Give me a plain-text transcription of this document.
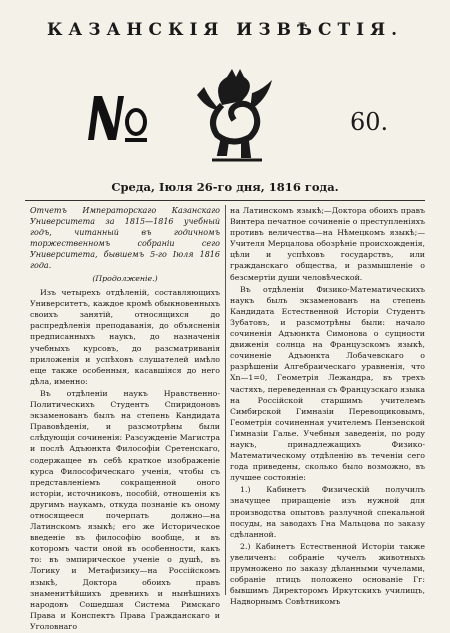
КАЗАНСКІЯ ИЗВѢСТІЯ.
60.
Среда, Іюля 26-го дня, 1816 года.
Отчетъ Императорскаго Казанскаго Университета за 1815—1816 учебный годъ, читанный въ годичномъ торжественномъ собраніи сего Университета, бывшемъ 5-го Іюля 1816 года.
(Продолженіе.)

Изъ четырехъ отдѣленій, составляющихъ Университетъ, каждое кромѣ обыкновенныхъ своихъ занятій, относящихся до распредѣленія преподаванія, до объясненія предписанныхъ наукъ, до назначенія учебныхъ курсовъ, до разсматриванія приложенія и успѣховъ слушателей имѣло еще также особенныя, касавшіяся до него дѣла, именно:

Въ отдѣленіи наукъ Нравственно-Политическихъ Студентъ Спиридоновъ экзаменованъ былъ на степень Кандидата Правовѣденія, и разсмотрѣны были слѣдующія сочиненія: Разсужденіе Магистра и послѣ Адъюнкта Философіи Сретенскаго, содержащее въ себѣ краткое изображеніе курса Философическаго ученія, чтобы съ представленіемъ сокращенной оного исторіи, источниковъ, пособій, отношенія къ другимъ наукамъ, откуда познаніе къ оному относящееся почерпать должно—на Латинскомъ языкѣ; его же Историческое введеніе въ философію вообще, и въ которомъ части оной въ особенности, какъ то: въ эмпирическое ученіе о душѣ, въ Логику и Метафизику—на Россійскомъ языкѣ, Доктора обоихъ правъ знаменитѣйшихъ древнихъ и нынѣшнихъ народовъ Сошедшая Система Римскаго Права и Конспектъ Права Гражданскаго и Уголовнаго

на Латинскомъ языкѣ;—Доктора обоихъ правъ Винтера печатное сочиненіе о преступленіяхъ противъ величества—на Нѣмецкомъ языкѣ;—Учителя Мерцалова обозрѣніе происхожденія, цѣли и успѣховъ государствъ, или гражданскаго общества, и размышленіе о безсмертіи души человѣческой.

Въ отдѣленіи Физико-Математическихъ наукъ былъ экзаменованъ на степень Кандидата Естественной Исторіи Студентъ Зубатовъ, и разсмотрѣны были: начало сочиненія Адъюнкта Симонова о сущности движенія солнца на Французскомъ языкѣ, сочиненіе Адъюнкта Лобачевскаго о разрѣшеніи Алгебраическаго уравненія, что Xn—1=0, Геометрія Лежандра, въ трехъ частяхъ, переведенная съ Французскаго языка на Россійской старшимъ учителемъ Симбирской Гимназіи Перевощиковымъ, Геометрія сочиненная учителемъ Пензенской Гимназіи Галье. Учебныя заведенія, по роду наукъ, принадлежащихъ Физико-Математическому отдѣленію въ теченіи сего года приведены, сколько было возможно, въ лучшее состояніе:

1.) Кабинетъ Физическій получилъ значущее приращеніе изъ нужной для производства опытовъ разлучной спекальной посуды, на заводахъ Гна Мальцова по заказу сдѣланной.

2.) Кабинетъ Естественной Исторіи также увеличенъ: собраніе чучелъ животныхъ прумножено по заказу дѣланными чучелами, собраніе птицъ положено основаніе Гг: бывшимъ Директоромъ Иркутскихъ училищъ, Надворнымъ Совѣтникомъ
